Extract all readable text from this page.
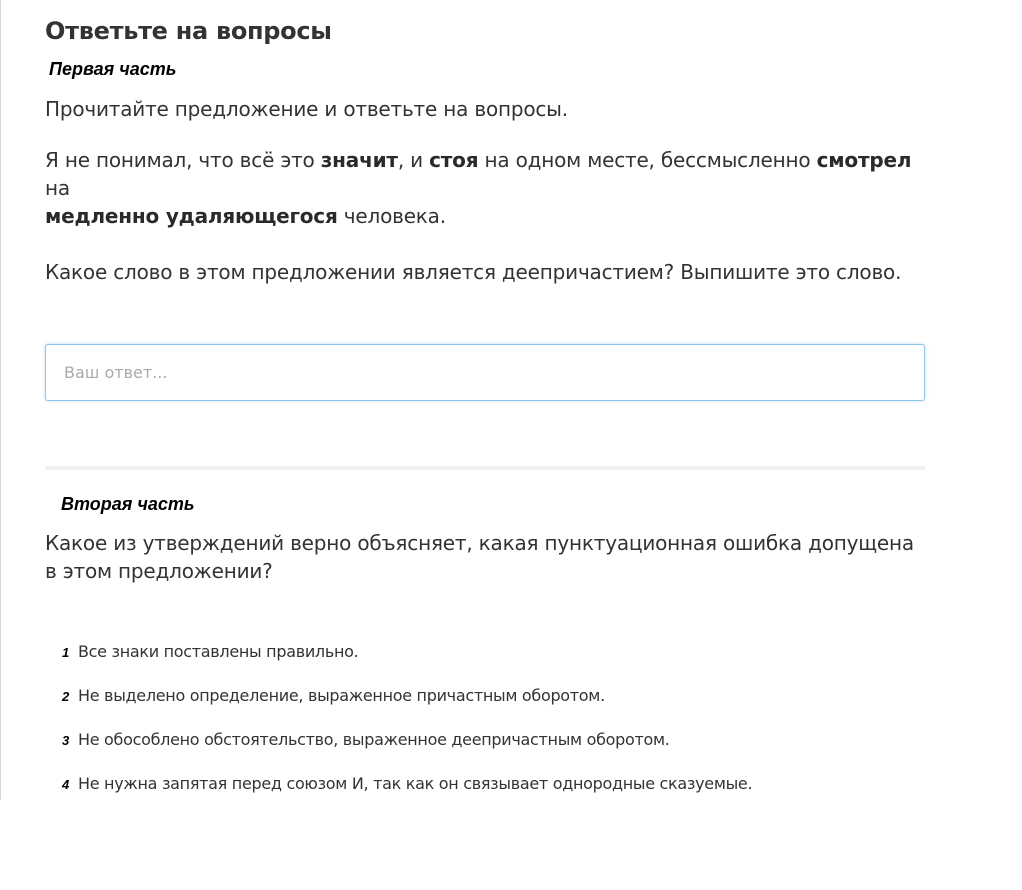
Ответьте на вопросы
Первая часть
Прочитайте предложение и ответьте на вопросы.
Я не понимал, что всё это значит, и стоя на одном месте, бессмысленно смотрел на
медленно удаляющегося человека.
Какое слово в этом предложении является деепричастием? Выпишите это слово.
Ваш ответ...
Вторая часть
Какое из утверждений верно объясняет, какая пунктуационная ошибка допущена в этом предложении?
1 Все знаки поставлены правильно.
2 Не выделено определение, выраженное причастным оборотом.
3 Не обособлено обстоятельство, выраженное деепричастным оборотом.
4 Не нужна запятая перед союзом И, так как он связывает однородные сказуемые.
